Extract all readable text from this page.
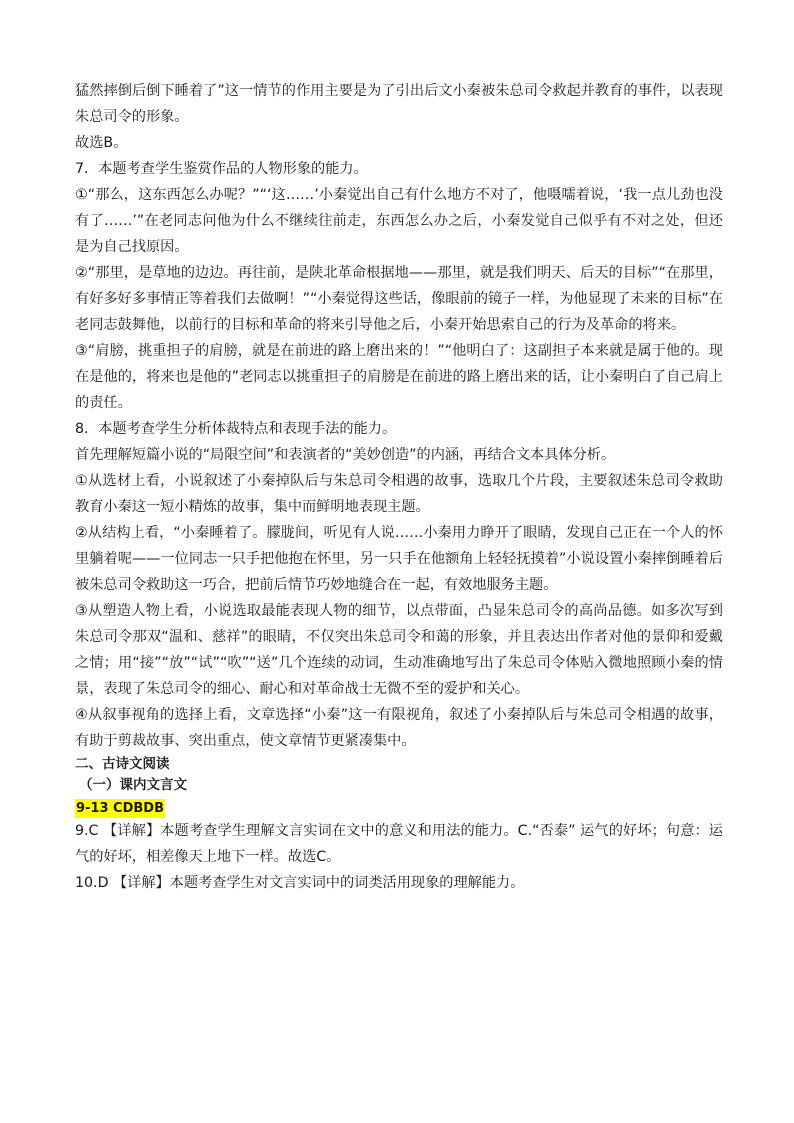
猛然摔倒后倒下睡着了”这一情节的作用主要是为了引出后文小秦被朱总司令救起并教育的事件，以表现朱总司令的形象。

故选B。

7．本题考查学生鉴赏作品的人物形象的能力。

①“那么，这东西怎么办呢？”“‘这……’小秦觉出自己有什么地方不对了，他嗫嚅着说，‘我一点儿劲也没有了……’”在老同志问他为什么不继续往前走，东西怎么办之后，小秦发觉自己似乎有不对之处，但还是为自己找原因。

②“那里，是草地的边边。再往前，是陕北革命根据地——那里，就是我们明天、后天的目标”“在那里，有好多好多事情正等着我们去做啊！”“小秦觉得这些话，像眼前的镜子一样，为他显现了未来的目标”在老同志鼓舞他，以前行的目标和革命的将来引导他之后，小秦开始思索自己的行为及革命的将来。

③“肩膀，挑重担子的肩膀，就是在前进的路上磨出来的！”“他明白了：这副担子本来就是属于他的。现在是他的，将来也是他的”老同志以挑重担子的肩膀是在前进的路上磨出来的话，让小秦明白了自己肩上的责任。

8．本题考查学生分析体裁特点和表现手法的能力。

首先理解短篇小说的“局限空间”和表演者的“美妙创造”的内涵，再结合文本具体分析。

①从选材上看，小说叙述了小秦掉队后与朱总司令相遇的故事，选取几个片段，主要叙述朱总司令救助教育小秦这一短小精炼的故事，集中而鲜明地表现主题。

②从结构上看，“小秦睡着了。朦胧间，听见有人说……小秦用力睁开了眼睛，发现自己正在一个人的怀里躺着呢——一位同志一只手把他抱在怀里，另一只手在他额角上轻轻抚摸着”小说设置小秦摔倒睡着后被朱总司令救助这一巧合，把前后情节巧妙地缝合在一起，有效地服务主题。

③从塑造人物上看，小说选取最能表现人物的细节，以点带面，凸显朱总司令的高尚品德。如多次写到朱总司令那双“温和、慈祥”的眼睛，不仅突出朱总司令和蔼的形象，并且表达出作者对他的景仰和爱戴之情；用“接”“放”“试”“吹”“送”几个连续的动词，生动准确地写出了朱总司令体贴入微地照顾小秦的情景，表现了朱总司令的细心、耐心和对革命战士无微不至的爱护和关心。

④从叙事视角的选择上看，文章选择“小秦”这一有限视角，叙述了小秦掉队后与朱总司令相遇的故事，有助于剪裁故事、突出重点，使文章情节更紧凑集中。

二、古诗文阅读

（一）课内文言文

9-13 CDBDB

9.C 【详解】本题考查学生理解文言实词在文中的意义和用法的能力。C.“否泰” 运气的好坏；句意：运气的好坏，相差像天上地下一样。故选C。

10.D 【详解】本题考查学生对文言实词中的词类活用现象的理解能力。
